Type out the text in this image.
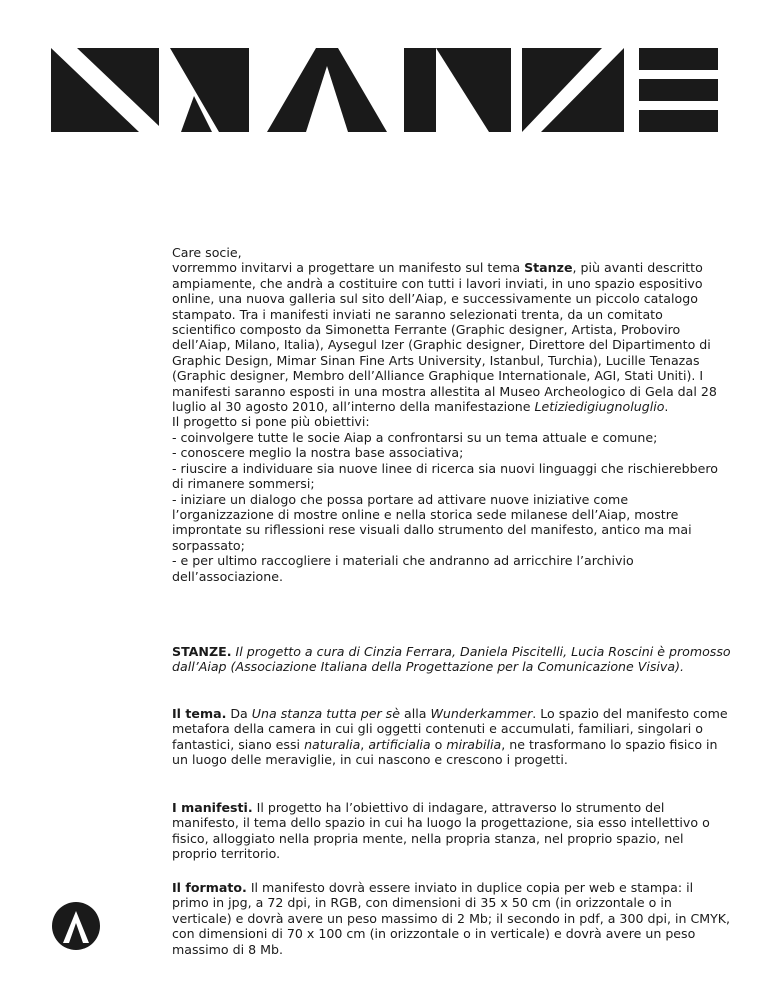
Care socie,

vorremmo invitarvi a progettare un manifesto sul tema Stanze, più avanti descritto ampiamente, che andrà a costituire con tutti i lavori inviati, in uno spazio espositivo online, una nuova galleria sul sito dell’Aiap, e successivamente un piccolo catalogo stampato. Tra i manifesti inviati ne saranno selezionati trenta, da un comitato scientifico composto da Simonetta Ferrante (Graphic designer, Artista, Proboviro dell’Aiap, Milano, Italia), Aysegul Izer (Graphic designer, Direttore del Dipartimento di Graphic Design, Mimar Sinan Fine Arts University, Istanbul, Turchia), Lucille Tenazas (Graphic designer, Membro dell’Alliance Graphique Internationale, AGI, Stati Uniti). I manifesti saranno esposti in una mostra allestita al Museo Archeologico di Gela dal 28 luglio al 30 agosto 2010, all’interno della manifestazione Letiziedigiugnoluglio.

Il progetto si pone più obiettivi:

- coinvolgere tutte le socie Aiap a confrontarsi su un tema attuale e comune;

- conoscere meglio la nostra base associativa;

- riuscire a individuare sia nuove linee di ricerca sia nuovi linguaggi che rischierebbero di rimanere sommersi;

- iniziare un dialogo che possa portare ad attivare nuove iniziative come l’organizzazione di mostre online e nella storica sede milanese dell’Aiap, mostre improntate su riflessioni rese visuali dallo strumento del manifesto, antico ma mai sorpassato;

- e per ultimo raccogliere i materiali che andranno ad arricchire l’archivio dell’associazione.

STANZE. Il progetto a cura di Cinzia Ferrara, Daniela Piscitelli, Lucia Roscini è promosso dall’Aiap (Associazione Italiana della Progettazione per la Comunicazione Visiva).

Il tema. Da Una stanza tutta per sè alla Wunderkammer. Lo spazio del manifesto come metafora della camera in cui gli oggetti contenuti e accumulati, familiari, singolari o fantastici, siano essi naturalia, artificialia o mirabilia, ne trasformano lo spazio fisico in un luogo delle meraviglie, in cui nascono e crescono i progetti.

I manifesti. Il progetto ha l’obiettivo di indagare, attraverso lo strumento del manifesto, il tema dello spazio in cui ha luogo la progettazione, sia esso intellettivo o fisico, alloggiato nella propria mente, nella propria stanza, nel proprio spazio, nel proprio territorio.

Il formato. Il manifesto dovrà essere inviato in duplice copia per web e stampa: il primo in jpg, a 72 dpi, in RGB, con dimensioni di 35 x 50 cm (in orizzontale o in verticale) e dovrà avere un peso massimo di 2 Mb; il secondo in pdf, a 300 dpi, in CMYK, con dimensioni di 70 x 100 cm (in orizzontale o in verticale) e dovrà avere un peso massimo di 8 Mb.
